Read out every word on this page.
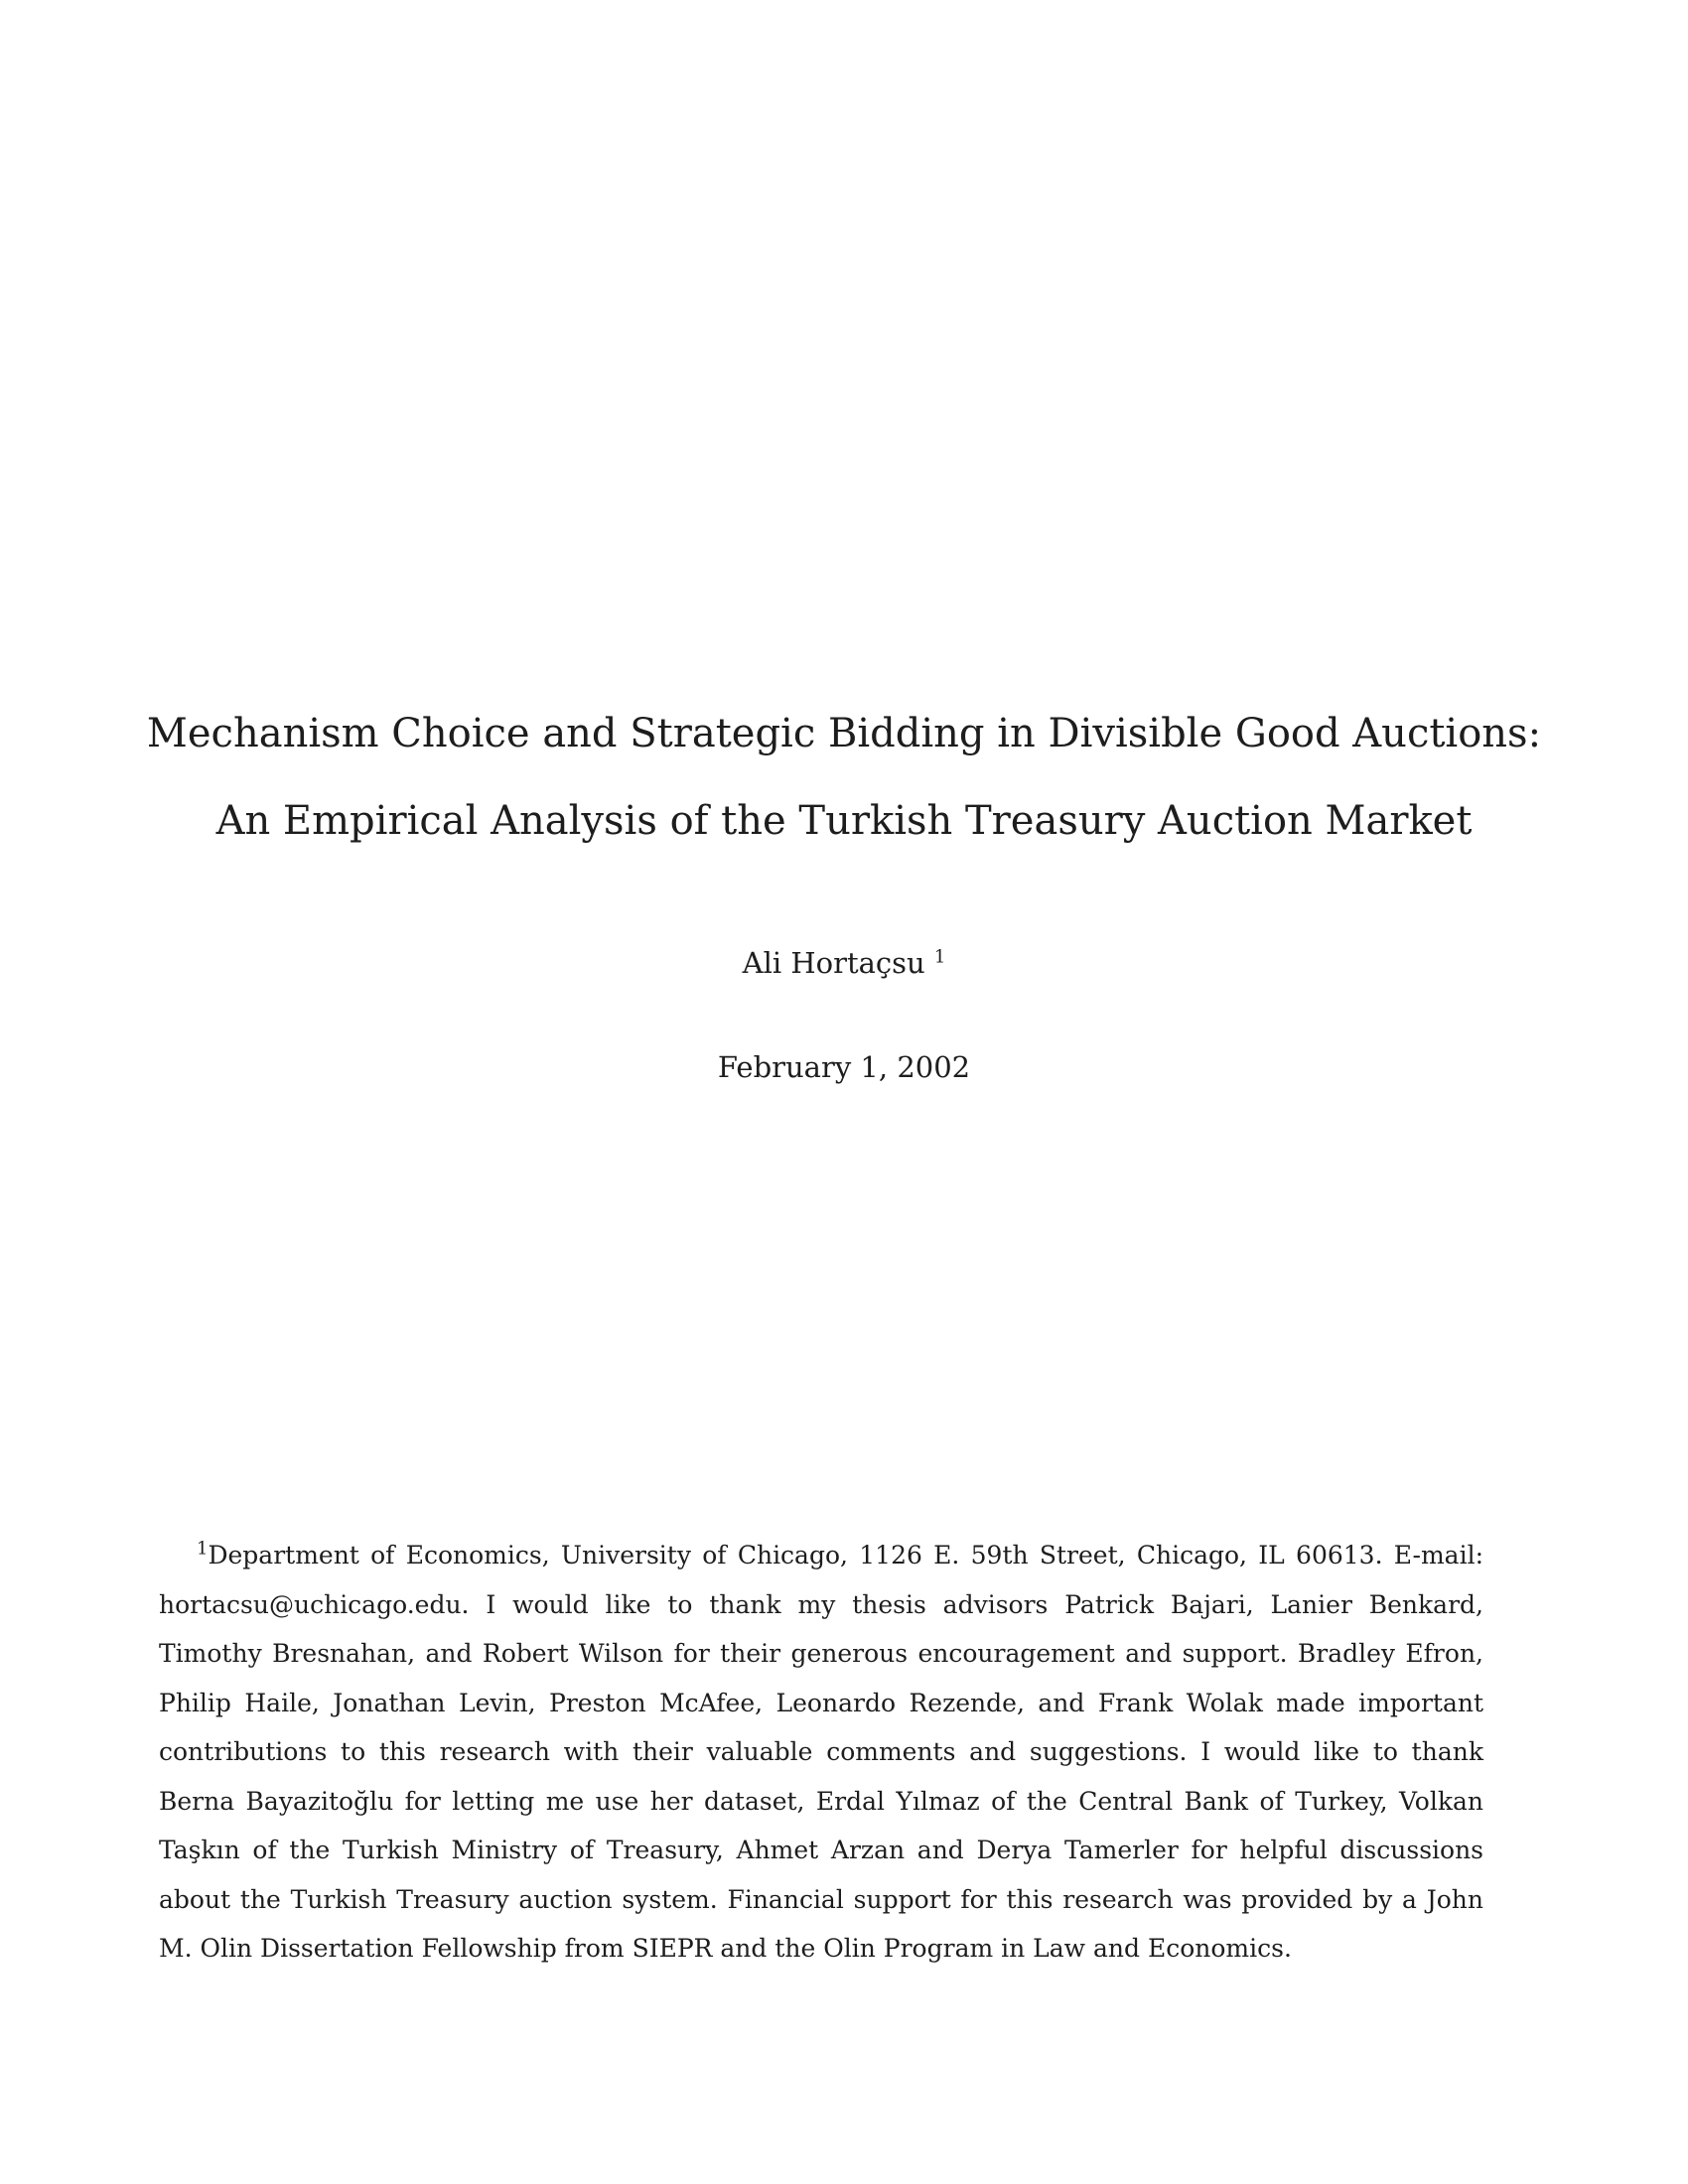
Mechanism Choice and Strategic Bidding in Divisible Good Auctions:

An Empirical Analysis of the Turkish Treasury Auction Market

Ali Hortaçsu $^1$
February 1, 2002
$^1$Department of Economics, University of Chicago, 1126 E. 59th Street, Chicago, IL 60613. E-mail: hortacsu@uchicago.edu. I would like to thank my thesis advisors Patrick Bajari, Lanier Benkard, Timothy Bresnahan, and Robert Wilson for their generous encouragement and support. Bradley Efron, Philip Haile, Jonathan Levin, Preston McAfee, Leonardo Rezende, and Frank Wolak made important contributions to this research with their valuable comments and suggestions. I would like to thank Berna Bayazitoğlu for letting me use her dataset, Erdal Yılmaz of the Central Bank of Turkey, Volkan Taşkın of the Turkish Ministry of Treasury, Ahmet Arzan and Derya Tamerler for helpful discussions about the Turkish Treasury auction system. Financial support for this research was provided by a John M. Olin Dissertation Fellowship from SIEPR and the Olin Program in Law and Economics.
